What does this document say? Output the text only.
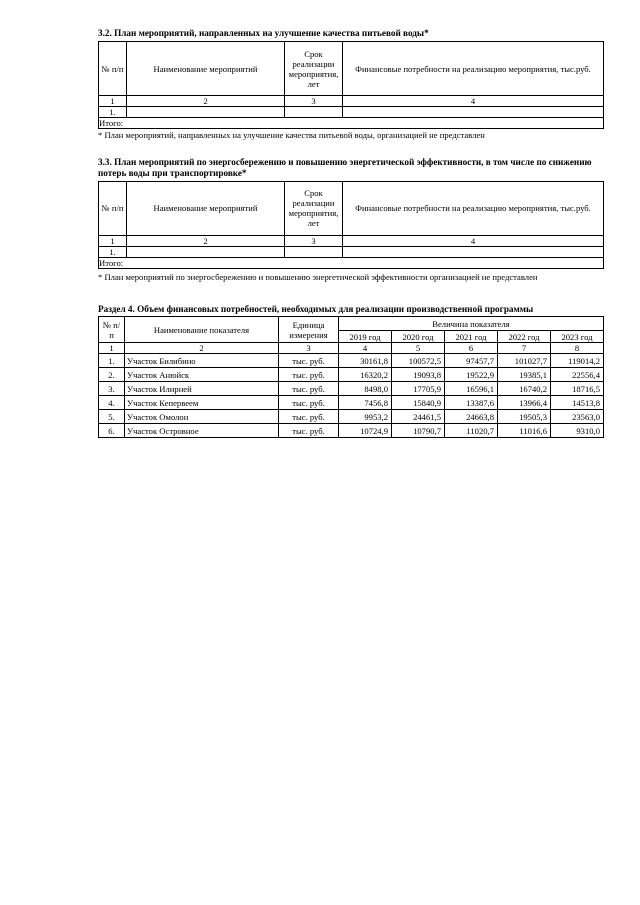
3.2. План мероприятий, направленных на улучшение качества питьевой воды*
№ п/п	Наименование мероприятий	Срок реализации мероприятия, лет	Финансовые потребности на реализацию мероприятия, тыс.руб.
1	2	3	4
1.			
Итого:			
* План мероприятий, направленных на улучшение качества питьевой воды, организацией не представлен
3.3. План мероприятий по энергосбережению и повышению энергетической эффективности, в том числе по снижению потерь воды при транспортировке*
№ п/п	Наименование мероприятий	Срок реализации мероприятия, лет	Финансовые потребности на реализацию мероприятия, тыс.руб.
1	2	3	4
1.			
Итого:			
* План мероприятий по энергосбережению и повышению энергетической эффективности организацией не представлен
Раздел 4. Объем финансовых потребностей, необходимых для реализации производственной программы
№ п/п	Наименование показателя	Единица измерения	Величина показателя				
			2019 год	2020 год	2021 год	2022 год	2023 год
1	2	3	4	5	6	7	8
1.	Участок Билибино	тыс. руб.	30161,8	100572,5	97457,7	101027,7	119014,2
2.	Участок Анюйск	тыс. руб.	16320,2	19093,8	19522,9	19385,1	22556,4
3.	Участок Илирней	тыс. руб.	8498,0	17705,9	16596,1	16740,2	18716,5
4.	Участок Кепервеем	тыс. руб.	7456,8	15840,9	13387,6	13966,4	14513,8
5.	Участок Омолон	тыс. руб.	9953,2	24461,5	24663,8	19505,3	23563,0
6.	Участок Островное	тыс. руб.	10724,9	10790,7	11020,7	11016,6	9310,0
